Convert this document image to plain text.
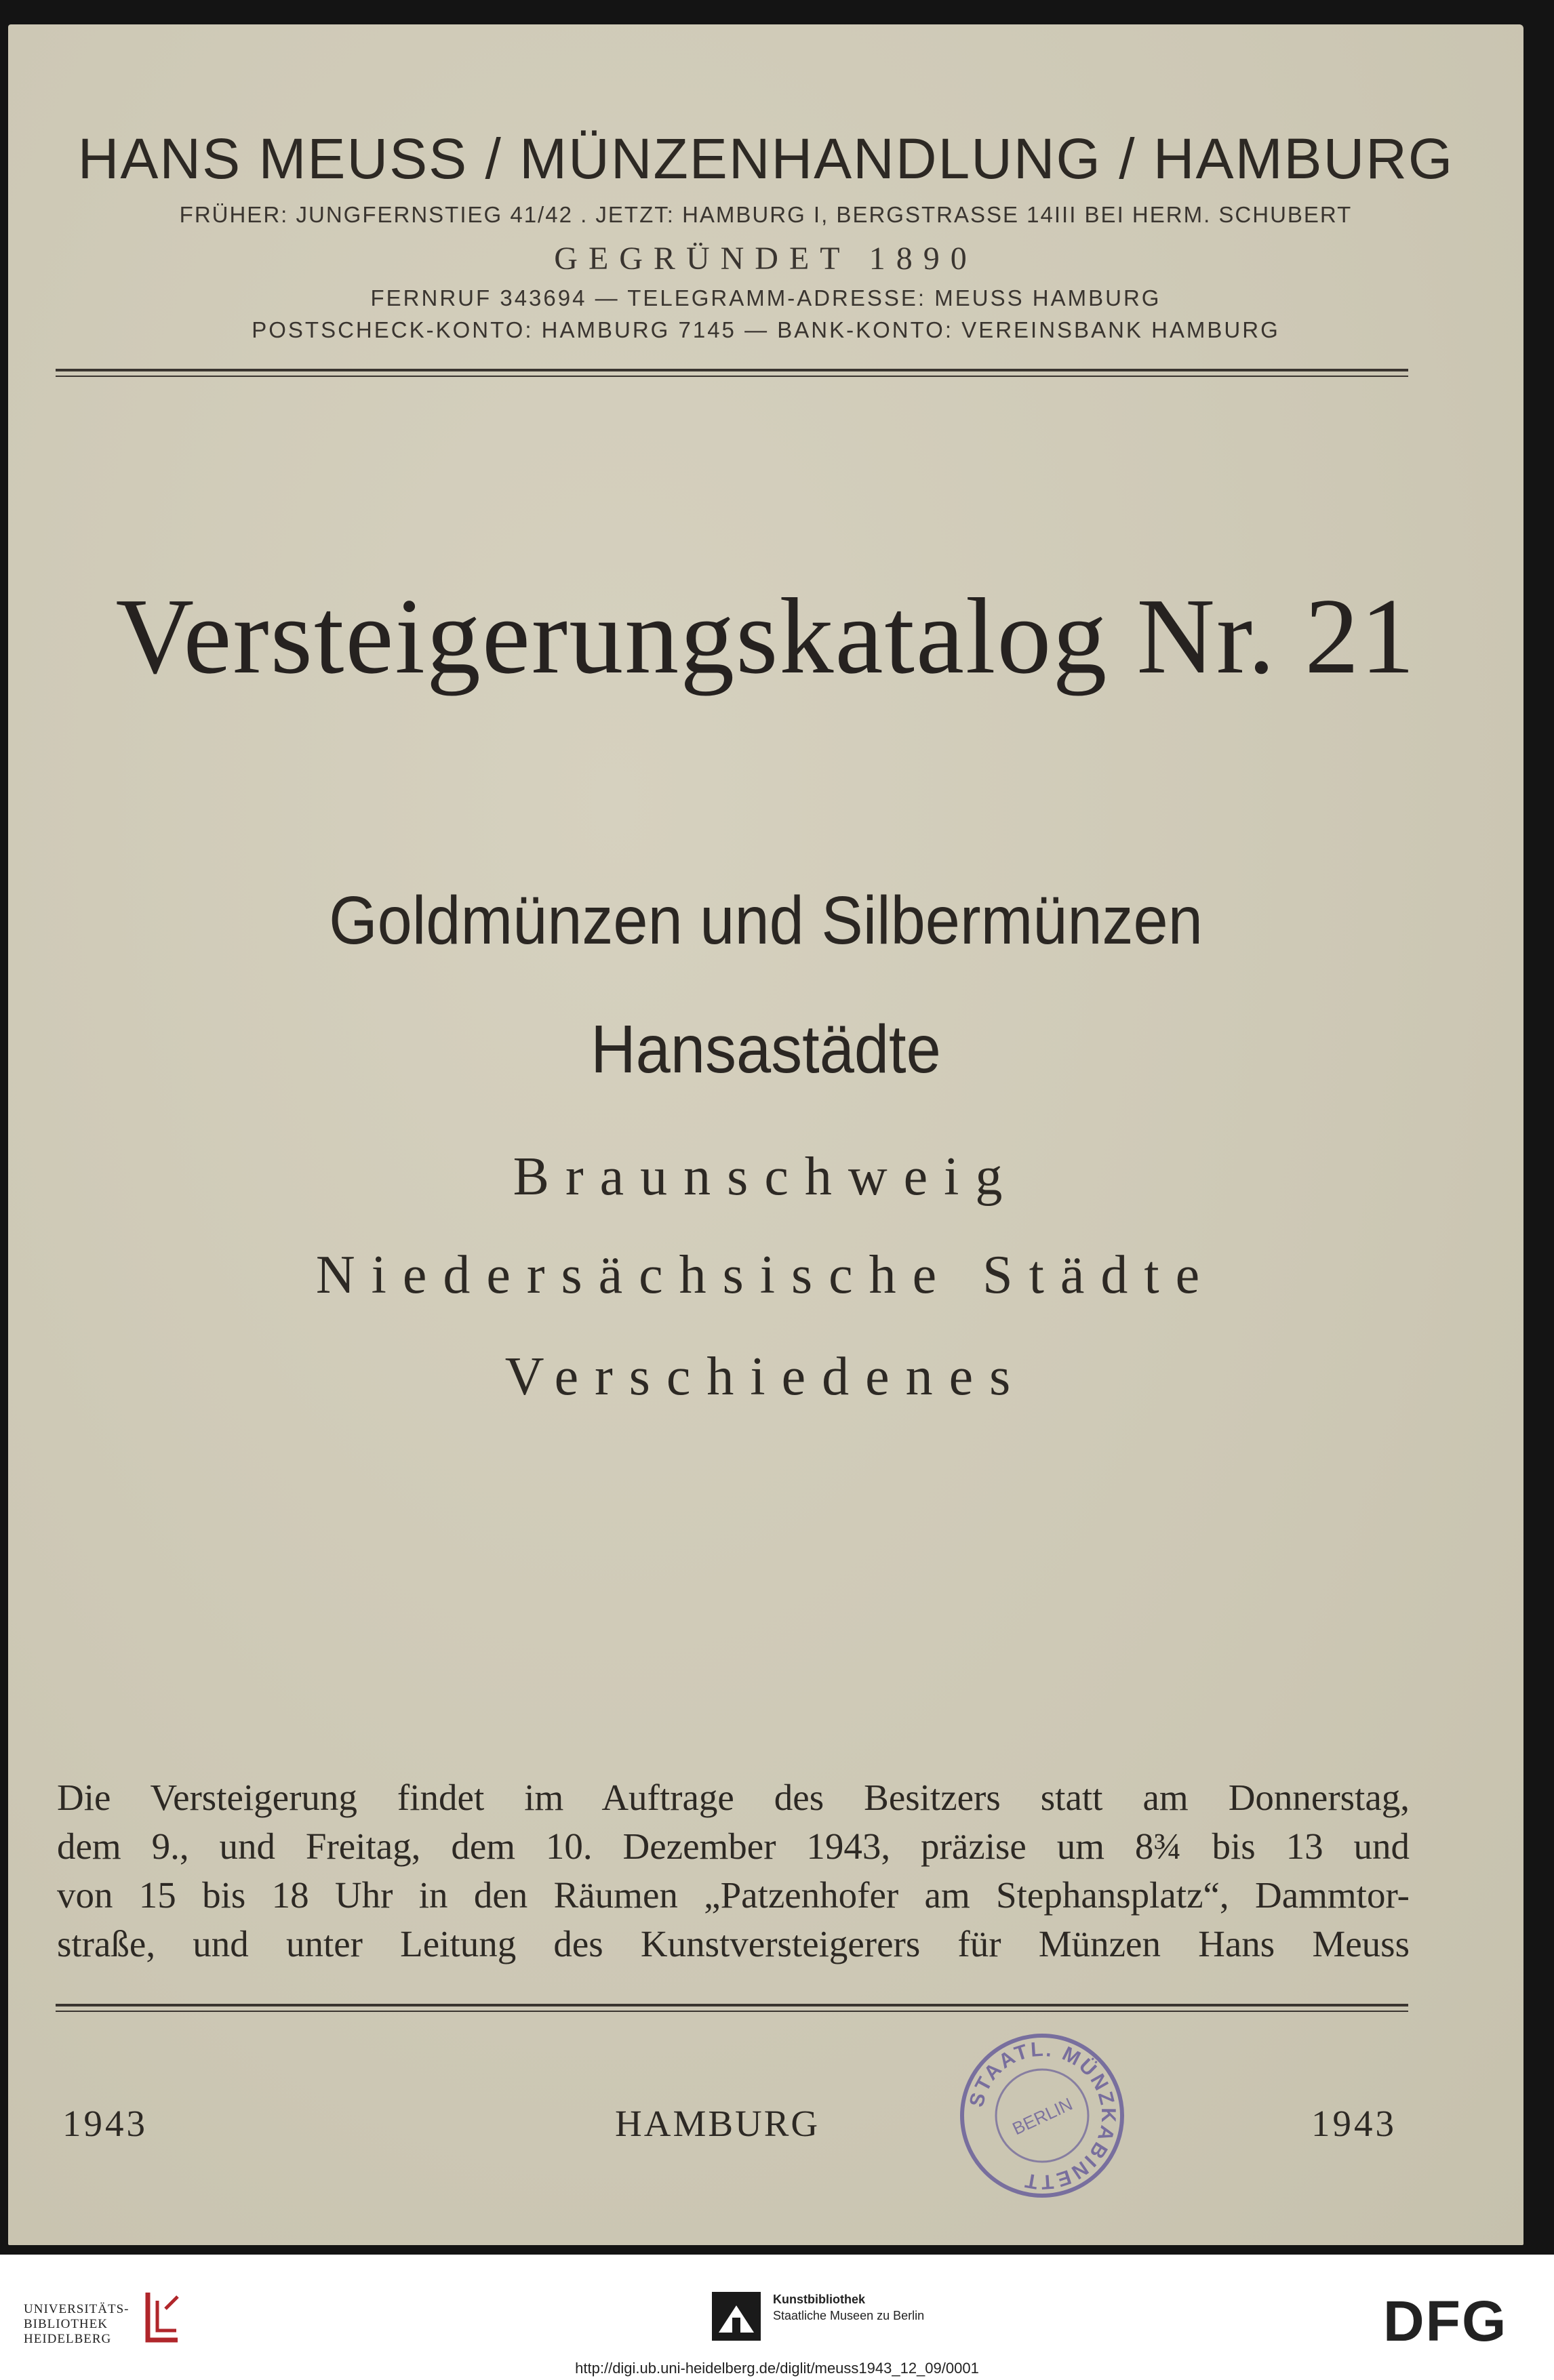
HANS MEUSS / MÜNZENHANDLUNG / HAMBURG
FRÜHER: JUNGFERNSTIEG 41/42 . JETZT: HAMBURG I, BERGSTRASSE 14III BEI HERM. SCHUBERT
GEGRÜNDET 1890
FERNRUF 343694 — TELEGRAMM-ADRESSE: MEUSS HAMBURG
POSTSCHECK-KONTO: HAMBURG 7145 — BANK-KONTO: VEREINSBANK HAMBURG
Versteigerungskatalog Nr. 21
Goldmünzen und Silbermünzen
Hansastädte
Braunschweig
Niedersächsische Städte
Verschiedenes
Die Versteigerung findet im Auftrage des Besitzers statt am Donnerstag,
dem 9., und Freitag, dem 10. Dezember 1943, präzise um 8¾ bis 13 und
von 15 bis 18 Uhr in den Räumen „Patzenhofer am Stephansplatz“, Dammtor-
straße, und unter Leitung des Kunstversteigerers für Münzen Hans Meuss
1943	HAMBURG	1943
STAATL. MÜNZKABINETT
BERLIN
UNIVERSITÄTS-
BIBLIOTHEK
HEIDELBERG
Kunstbibliothek
Staatliche Museen zu Berlin	DFG
http://digi.ub.uni-heidelberg.de/diglit/meuss1943_12_09/0001
